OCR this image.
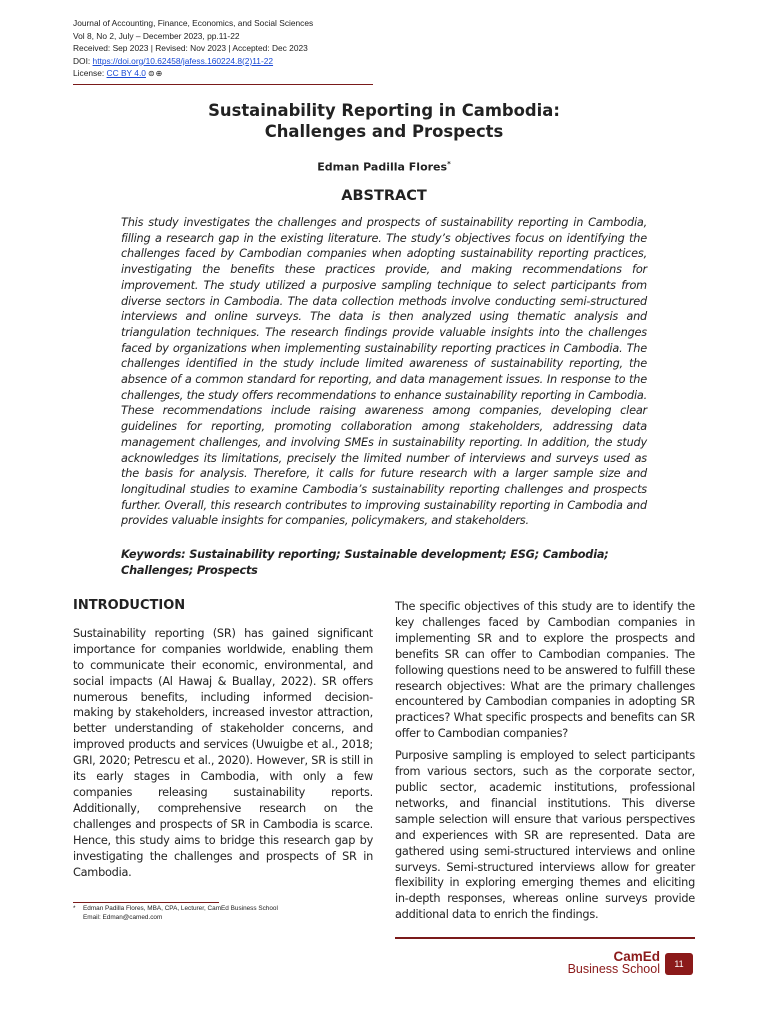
Journal of Accounting, Finance, Economics, and Social Sciences
Vol 8, No 2, July – December 2023, pp.11-22
Received: Sep 2023 | Revised: Nov 2023 | Accepted: Dec 2023
DOI: https://doi.org/10.62458/jafess.160224.8(2)11-22
License: CC BY 4.0 ⊜⊕
Sustainability Reporting in Cambodia:
Challenges and Prospects
Edman Padilla Flores*
ABSTRACT
This study investigates the challenges and prospects of sustainability reporting in Cambodia, filling a research gap in the existing literature. The study’s objectives focus on identifying the challenges faced by Cambodian companies when adopting sustainability reporting practices, investigating the benefits these practices provide, and making recommendations for improvement. The study utilized a purposive sampling technique to select participants from diverse sectors in Cambodia. The data collection methods involve conducting semi-structured interviews and online surveys. The data is then analyzed using thematic analysis and triangulation techniques. The research findings provide valuable insights into the challenges faced by organizations when implementing sustainability reporting practices in Cambodia. The challenges identified in the study include limited awareness of sustainability reporting, the absence of a common standard for reporting, and data management issues. In response to the challenges, the study offers recommendations to enhance sustainability reporting in Cambodia. These recommendations include raising awareness among companies, developing clear guidelines for reporting, promoting collaboration among stakeholders, addressing data management challenges, and involving SMEs in sustainability reporting. In addition, the study acknowledges its limitations, precisely the limited number of interviews and surveys used as the basis for analysis. Therefore, it calls for future research with a larger sample size and longitudinal studies to examine Cambodia’s sustainability reporting challenges and prospects further. Overall, this research contributes to improving sustainability reporting in Cambodia and provides valuable insights for companies, policymakers, and stakeholders.
Keywords: Sustainability reporting; Sustainable development; ESG; Cambodia; Challenges; Prospects
INTRODUCTION

Sustainability reporting (SR) has gained significant importance for companies worldwide, enabling them to communicate their economic, environmental, and social impacts (Al Hawaj & Buallay, 2022). SR offers numerous benefits, including informed decision-making by stakeholders, increased investor attraction, better understanding of stakeholder concerns, and improved products and services (Uwuigbe et al., 2018; GRI, 2020; Petrescu et al., 2020). However, SR is still in its early stages in Cambodia, with only a few companies releasing sustainability reports. Additionally, comprehensive research on the challenges and prospects of SR in Cambodia is scarce. Hence, this study aims to bridge this research gap by investigating the challenges and prospects of SR in Cambodia.

The specific objectives of this study are to identify the key challenges faced by Cambodian companies in implementing SR and to explore the prospects and benefits SR can offer to Cambodian companies. The following questions need to be answered to fulfill these research objectives: What are the primary challenges encountered by Cambodian companies in adopting SR practices? What specific prospects and benefits can SR offer to Cambodian companies?

Purposive sampling is employed to select participants from various sectors, such as the corporate sector, public sector, academic institutions, professional networks, and financial institutions. This diverse sample selection will ensure that various perspectives and experiences with SR are represented. Data are gathered using semi-structured interviews and online surveys. Semi-structured interviews allow for greater flexibility in exploring emerging themes and eliciting in-depth responses, whereas online surveys provide additional data to enrich the findings.

* Edman Padilla Flores, MBA, CPA, Lecturer, CamEd Business School
Email: Edman@camed.com
CamEd
Business School	11
